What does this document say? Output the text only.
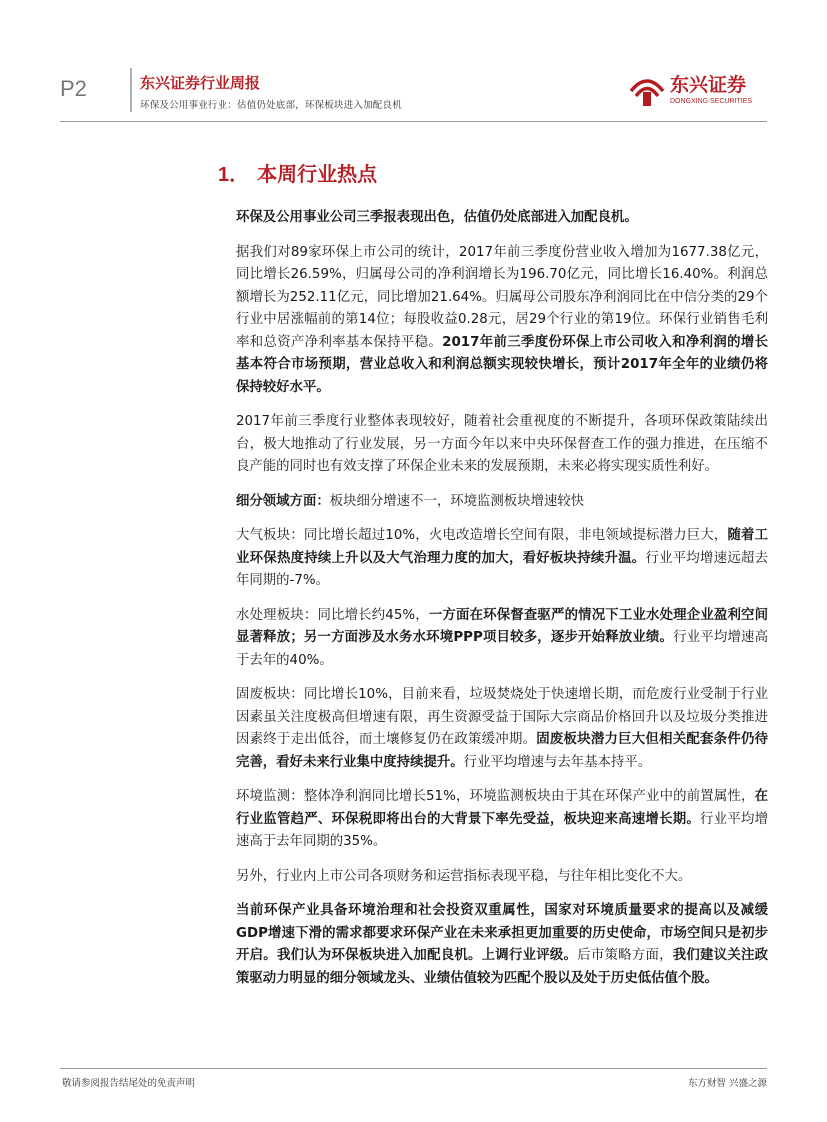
P2	东兴证券行业周报
环保及公用事业行业：估值仍处底部，环保板块进入加配良机
东兴证券
DONGXING SECURITIES
1． 本周行业热点

环保及公用事业公司三季报表现出色，估值仍处底部进入加配良机。

据我们对89家环保上市公司的统计，2017年前三季度份营业收入增加为1677.38亿元，同比增长26.59%，归属母公司的净利润增长为196.70亿元，同比增长16.40%。利润总额增长为252.11亿元，同比增加21.64%。归属母公司股东净利润同比在中信分类的29个行业中居涨幅前的第14位；每股收益0.28元，居29个行业的第19位。环保行业销售毛利率和总资产净利率基本保持平稳。2017年前三季度份环保上市公司收入和净利润的增长基本符合市场预期，营业总收入和利润总额实现较快增长，预计2017年全年的业绩仍将保持较好水平。

2017年前三季度行业整体表现较好，随着社会重视度的不断提升，各项环保政策陆续出台，极大地推动了行业发展，另一方面今年以来中央环保督查工作的强力推进，在压缩不良产能的同时也有效支撑了环保企业未来的发展预期，未来必将实现实质性利好。

细分领域方面：板块细分增速不一，环境监测板块增速较快

大气板块：同比增长超过10%，火电改造增长空间有限，非电领域提标潜力巨大，随着工业环保热度持续上升以及大气治理力度的加大，看好板块持续升温。行业平均增速远超去年同期的-7%。

水处理板块：同比增长约45%，一方面在环保督查驱严的情况下工业水处理企业盈利空间显著释放；另一方面涉及水务水环境PPP项目较多，逐步开始释放业绩。行业平均增速高于去年的40%。

固废板块：同比增长10%，目前来看，垃圾焚烧处于快速增长期，而危废行业受制于行业因素虽关注度极高但增速有限，再生资源受益于国际大宗商品价格回升以及垃圾分类推进因素终于走出低谷，而土壤修复仍在政策缓冲期。固废板块潜力巨大但相关配套条件仍待完善，看好未来行业集中度持续提升。行业平均增速与去年基本持平。

环境监测：整体净利润同比增长51%，环境监测板块由于其在环保产业中的前置属性，在行业监管趋严、环保税即将出台的大背景下率先受益，板块迎来高速增长期。行业平均增速高于去年同期的35%。

另外，行业内上市公司各项财务和运营指标表现平稳，与往年相比变化不大。

当前环保产业具备环境治理和社会投资双重属性，国家对环境质量要求的提高以及减缓GDP增速下滑的需求都要求环保产业在未来承担更加重要的历史使命，市场空间只是初步开启。我们认为环保板块进入加配良机。上调行业评级。后市策略方面，我们建议关注政策驱动力明显的细分领域龙头、业绩估值较为匹配个股以及处于历史低估值个股。

敬请参阅报告结尾处的免责声明	东方财智 兴盛之源
